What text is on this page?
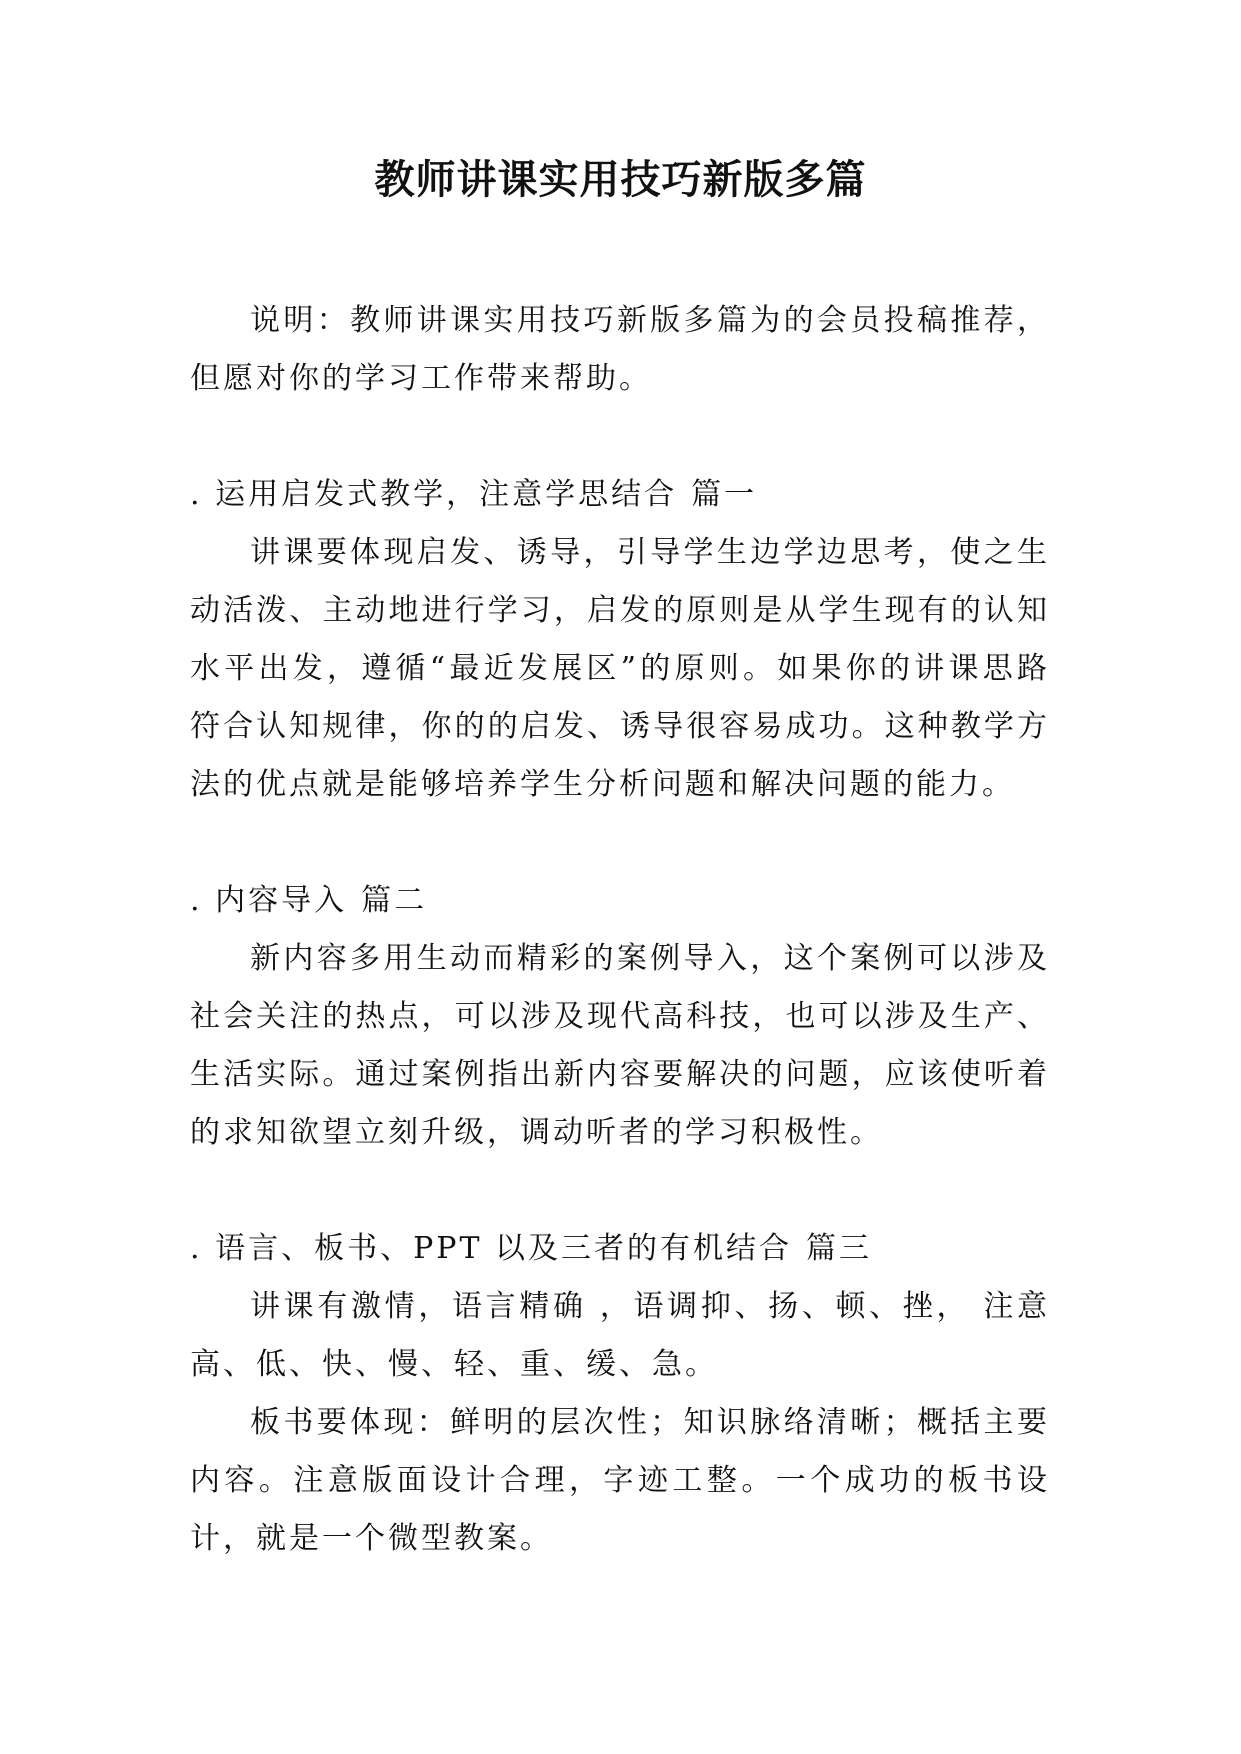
教师讲课实用技巧新版多篇

说明：教师讲课实用技巧新版多篇为的会员投稿推荐，但愿对你的学习工作带来帮助。

. 运用启发式教学，注意学思结合 篇一

讲课要体现启发、诱导，引导学生边学边思考，使之生动活泼、主动地进行学习，启发的原则是从学生现有的认知水平出发，遵循“最近发展区”的原则。如果你的讲课思路符合认知规律，你的的启发、诱导很容易成功。这种教学方法的优点就是能够培养学生分析问题和解决问题的能力。

. 内容导入 篇二

新内容多用生动而精彩的案例导入，这个案例可以涉及社会关注的热点，可以涉及现代高科技，也可以涉及生产、生活实际。通过案例指出新内容要解决的问题，应该使听着的求知欲望立刻升级，调动听者的学习积极性。

. 语言、板书、PPT 以及三者的有机结合 篇三

讲课有激情，语言精确 ，语调抑、扬、顿、挫， 注意高、低、快、慢、轻、重、缓、急。

板书要体现：鲜明的层次性；知识脉络清晰；概括主要内容。注意版面设计合理，字迹工整。一个成功的板书设计，就是一个微型教案。
